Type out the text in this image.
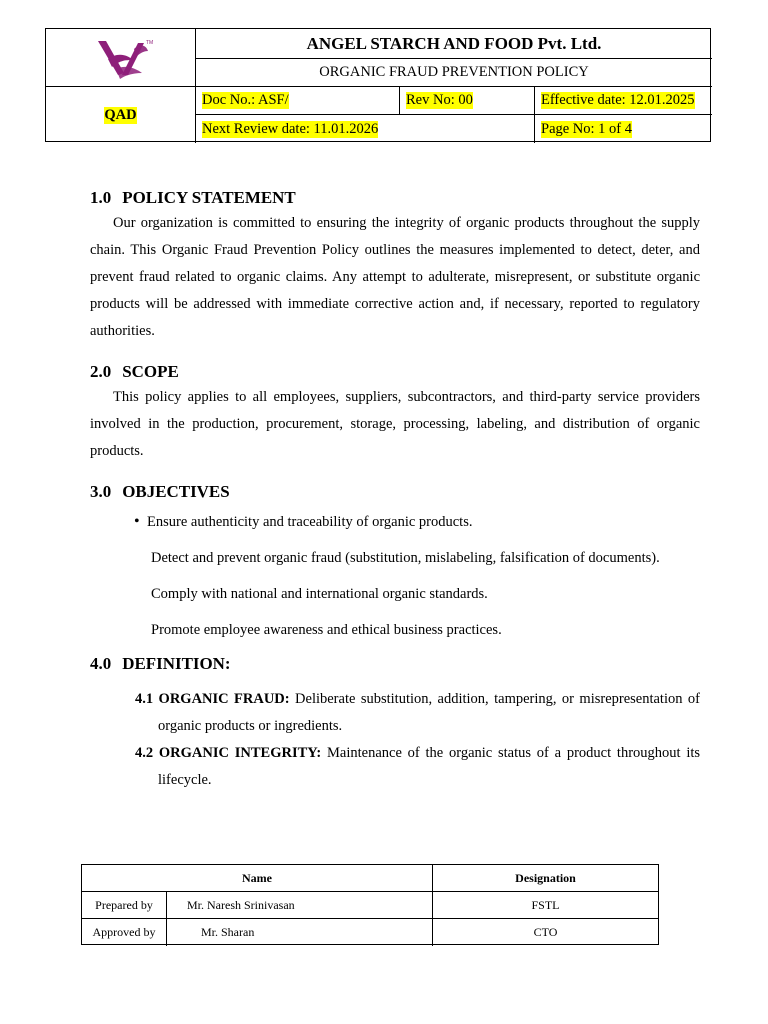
TM
QAD
ANGEL STARCH AND FOOD Pvt. Ltd.
ORGANIC FRAUD PREVENTION POLICY
Doc No.: ASF/	Rev No: 00	Effective date: 12.01.2025
Next Review date: 11.01.2026	Page No: 1 of 4
1.0 POLICY STATEMENT

Our organization is committed to ensuring the integrity of organic products throughout the supply chain. This Organic Fraud Prevention Policy outlines the measures implemented to detect, deter, and prevent fraud related to organic claims. Any attempt to adulterate, misrepresent, or substitute organic products will be addressed with immediate corrective action and, if necessary, reported to regulatory authorities.

2.0 SCOPE

This policy applies to all employees, suppliers, subcontractors, and third-party service providers involved in the production, procurement, storage, processing, labeling, and distribution of organic products.

3.0 OBJECTIVES
• Ensure authenticity and traceability of organic products.
Detect and prevent organic fraud (substitution, mislabeling, falsification of documents).
Comply with national and international organic standards.
Promote employee awareness and ethical business practices.
4.0 DEFINITION:

4.1 ORGANIC FRAUD: Deliberate substitution, addition, tampering, or misrepresentation of organic products or ingredients.

4.2 ORGANIC INTEGRITY: Maintenance of the organic status of a product throughout its lifecycle.

Name	Designation
Prepared by	Mr. Naresh Srinivasan	FSTL
Approved by	Mr. Sharan	CTO
